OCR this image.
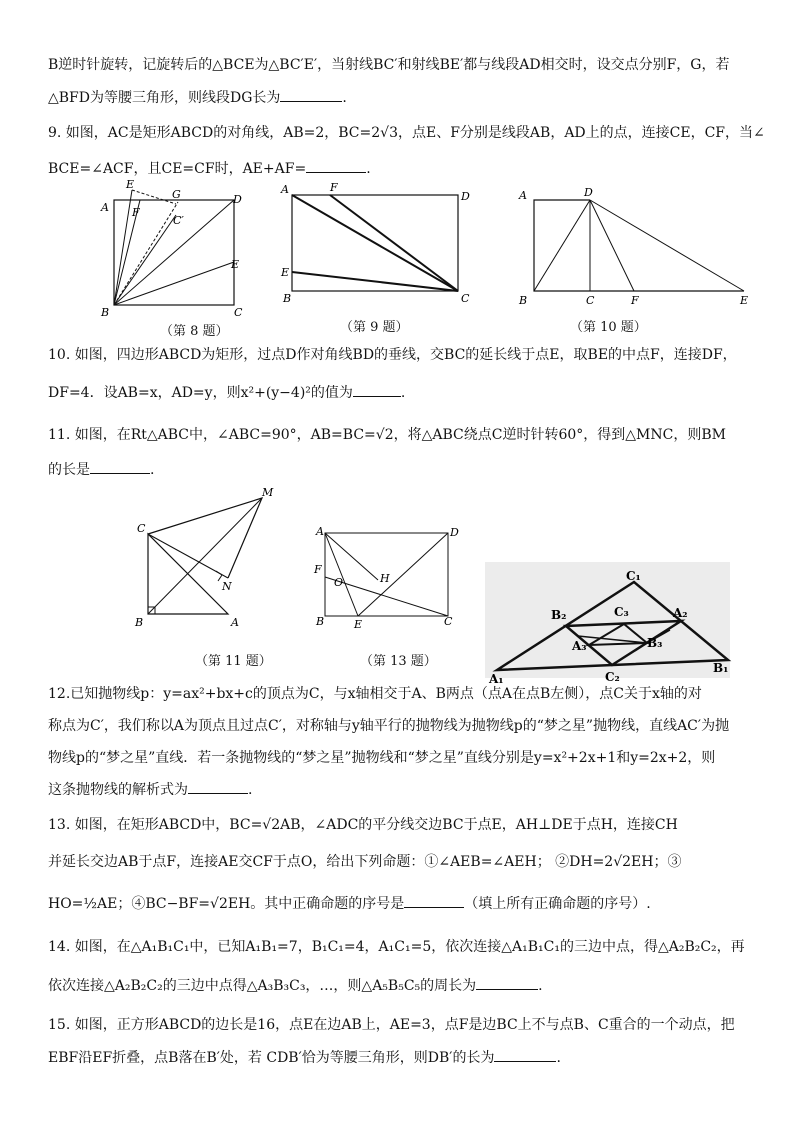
B逆时针旋转，记旋转后的△BCE为△BC′E′，当射线BC′和射线BE′都与线段AD相交时，设交点分别F，G，若
△BFD为等腰三角形，则线段DG长为	.
9. 如图，AC是矩形ABCD的对角线，AB=2，BC=2√3，点E、F分别是线段AB，AD上的点，连接CE，CF，当∠
BCE=∠ACF，且CE=CF时，AE+AF=	.
A
E
F
G
C′
D
E
B	C
（第 8 题）
A	F
D
E
B	C
（第 9 题）
A	D
B	C	F	E
（第 10 题）
10. 如图，四边形ABCD为矩形，过点D作对角线BD的垂线，交BC的延长线于点E，取BE的中点F，连接DF，
DF=4．设AB=x，AD=y，则x²+(y−4)²的值为	.
11. 如图，在Rt△ABC中，∠ABC=90°，AB=BC=√2，将△ABC绕点C逆时针转60°，得到△MNC，则BM
的长是	.
C
M
N
B	A
（第 11 题）
A	D
F
O	H
B	E	C
（第 13 题）
C₁
B₂	C₃	A₂
A₃	B₃
C₂
A₁
B₁
12.已知抛物线p：y=ax²+bx+c的顶点为C，与x轴相交于A、B两点（点A在点B左侧），点C关于x轴的对
称点为C′，我们称以A为顶点且过点C′，对称轴与y轴平行的抛物线为抛物线p的“梦之星”抛物线，直线AC′为抛
物线p的“梦之星”直线．若一条抛物线的“梦之星”抛物线和“梦之星”直线分别是y=x²+2x+1和y=2x+2，则
这条抛物线的解析式为	.
13. 如图，在矩形ABCD中，BC=√2AB，∠ADC的平分线交边BC于点E，AH⊥DE于点H，连接CH
并延长交边AB于点F，连接AE交CF于点O，给出下列命题：①∠AEB=∠AEH； ②DH=2√2EH；③
HO=½AE；④BC−BF=√2EH。其中正确命题的序号是	（填上所有正确命题的序号）.
14. 如图，在△A₁B₁C₁中，已知A₁B₁=7，B₁C₁=4，A₁C₁=5，依次连接△A₁B₁C₁的三边中点，得△A₂B₂C₂，再
依次连接△A₂B₂C₂的三边中点得△A₃B₃C₃，…，则△A₅B₅C₅的周长为	.
15. 如图，正方形ABCD的边长是16，点E在边AB上，AE=3，点F是边BC上不与点B、C重合的一个动点，把
EBF沿EF折叠，点B落在B′处，若 CDB′恰为等腰三角形，则DB′的长为	.
